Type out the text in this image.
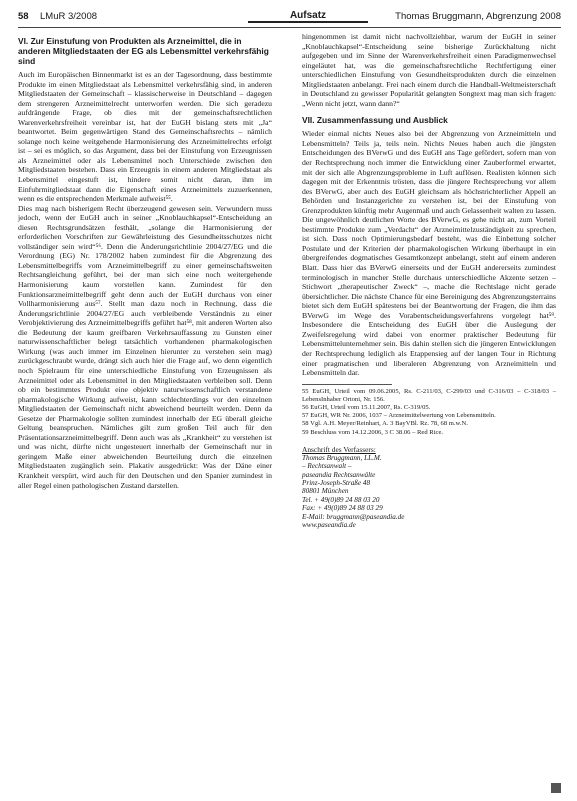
58 LMuR 3/2008	Aufsatz	Thomas Bruggmann, Abgrenzung 2008
VI. Zur Einstufung von Produkten als Arzneimittel, die in anderen Mitgliedstaaten der EG als Lebensmittel verkehrsfähig sind

Auch im Europäischen Binnenmarkt ist es an der Tagesordnung, dass bestimmte Produkte im einen Mitgliedstaat als Lebensmittel verkehrsfähig sind, in anderen Mitgliedstaaten der Gemeinschaft – klassischerweise in Deutschland – dagegen dem strengeren Arzneimittelrecht unterworfen werden. Die sich geradezu aufdrängende Frage, ob dies mit der gemeinschaftsrechtlichen Warenverkehrsfreiheit vereinbar ist, hat der EuGH bislang stets mit „Ja“ beantwortet. Beim gegenwärtigen Stand des Gemeinschaftsrechts – nämlich solange noch keine weitgehende Harmonisierung des Arzneimittelrechts erfolgt ist – sei es möglich, so das Argument, dass bei der Einstufung von Erzeugnissen als Arzneimittel oder als Lebensmittel noch Unterschiede zwischen den Mitgliedstaaten bestehen. Dass ein Erzeugnis in einem anderen Mitgliedstaat als Lebensmittel eingestuft ist, hindere somit nicht daran, ihm im Einfuhrmitgliedstaat dann die Eigenschaft eines Arzneimittels zuzuerkennen, wenn es die entsprechenden Merkmale aufweist⁵⁵.

Dies mag nach bisherigem Recht überzeugend gewesen sein. Verwundern muss jedoch, wenn der EuGH auch in seiner „Knoblauchkapsel“-Entscheidung an diesen Rechtsgrundsätzen festhält, „solange die Harmonisierung der erforderlichen Vorschriften zur Gewährleistung des Gesundheitsschutzes nicht vollständiger sein wird“⁵⁶. Denn die Änderungsrichtlinie 2004/27/EG und die Verordnung (EG) Nr. 178/2002 haben zumindest für die Abgrenzung des Lebensmittelbegriffs vom Arzneimittelbegriff zu einer gemeinschaftsweiten Rechtsangleichung geführt, bei der man sich eine noch weitergehende Harmonisierung kaum vorstellen kann. Zumindest für den Funktionsarzneimittelbegriff geht denn auch der EuGH durchaus von einer Vollharmonisierung aus⁵⁷. Stellt man dazu noch in Rechnung, dass die Änderungsrichtlinie 2004/27/EG auch verbleibende Verständnis zu einer Verobjektivierung des Arzneimittelbegriffs geführt hat⁵⁸, mit anderen Worten also die Bedeutung der kaum greifbaren Verkehrsauffassung zu Gunsten einer naturwissenschaftlicher belegt tatsächlich vorhandenen pharmakologischen Wirkung (was auch immer im Einzelnen hierunter zu verstehen sein mag) zurückgeschraubt wurde, drängt sich auch hier die Frage auf, wo denn eigentlich noch Spielraum für eine unterschiedliche Einstufung von Erzeugnissen als Arzneimittel oder als Lebensmittel in den Mitgliedstaaten verbleiben soll. Denn ob ein bestimmtes Produkt eine objektiv naturwissenschaftlich verstandene pharmakologische Wirkung aufweist, kann schlechterdings vor den einzelnen Mitgliedstaaten der Gemeinschaft nicht abweichend beurteilt werden. Denn da Gesetze der Pharmakologie sollten zumindest innerhalb der EG überall gleiche Geltung beanspruchen. Nämliches gilt zum großen Teil auch für den Präsentationsarzneimittelbegriff. Denn auch was als „Krankheit“ zu verstehen ist und was nicht, dürfte nicht ungesteuert innerhalb der Gemeinschaft nur in geringem Maße einer abweichenden Beurteilung durch die einzelnen Mitgliedstaaten zugänglich sein. Plakativ ausgedrückt: Was der Däne einer Krankheit verspürt, wird auch für den Deutschen und den Spanier zumindest in aller Regel einen pathologischen Zustand darstellen.

hingenommen ist damit nicht nachvollziehbar, warum der EuGH in seiner „Knoblauchkapsel“-Entscheidung seine bisherige Zurückhaltung nicht aufgegeben und im Sinne der Warenverkehrsfreiheit einen Paradigmenwechsel eingeläutet hat, was die gemeinschaftsrechtliche Rechtfertigung einer unterschiedlichen Einstufung von Gesundheitsprodukten durch die einzelnen Mitgliedstaaten anbelangt. Frei nach einem durch die Handball-Weltmeisterschaft in Deutschland zu gewisser Popularität gelangten Songtext mag man sich fragen: „Wenn nicht jetzt, wann dann?“

VII. Zusammenfassung und Ausblick

Wieder einmal nichts Neues also bei der Abgrenzung von Arzneimitteln und Lebensmitteln? Teils ja, teils nein. Nichts Neues haben auch die jüngsten Entscheidungen des BVerwG und des EuGH ans Tage gefördert, sofern man von der Rechtsprechung noch immer die Entwicklung einer Zauberformel erwartet, mit der sich alle Abgrenzungsprobleme in Luft auflösen. Realisten können sich dagegen mit der Erkenntnis trösten, dass die jüngere Rechtsprechung vor allem des BVerwG, aber auch des EuGH gleichsam als höchstrichterlicher Appell an Behörden und Instanzgerichte zu verstehen ist, bei der Einstufung von Grenzprodukten künftig mehr Augenmaß und auch Gelassenheit walten zu lassen. Die ungewöhnlich deutlichen Worte des BVerwG, es gehe nicht an, zum Vorteil bestimmte Produkte zum „Verdacht“ der Arzneimittelzuständigkeit zu sprechen, ist sich. Dass noch Optimierungsbedarf besteht, was die Einbettung solcher Postulate und der Kriterien der pharmakologischen Wirkung überhaupt in ein übergreifendes dogmatisches Gesamtkonzept anbelangt, steht auf einem anderen Blatt. Dass hier das BVerwG einerseits und der EuGH andererseits zumindest terminologisch in mancher Stelle durchaus unterschiedliche Akzente setzen – Stichwort „therapeutischer Zweck“ –, mache die Rechtslage nicht gerade übersichtlicher. Die nächste Chance für eine Bereinigung des Abgrenzungsterrains bietet sich dem EuGH spätestens bei der Beantwortung der Fragen, die ihm das BVerwG im Wege des Vorabentscheidungsverfahrens vorgelegt hat⁵⁹. Insbesondere die Entscheidung des EuGH über die Auslegung der Zweifelsregelung wird dabei von enormer praktischer Bedeutung für Lebensmittelunternehmer sein. Bis dahin stellen sich die jüngeren Entwicklungen der Rechtsprechung lediglich als Etappensieg auf der langen Tour in Richtung einer pragmatischen und liberaleren Abgrenzung von Arzneimitteln und Lebensmitteln dar.

55 EuGH, Urteil vom 09.06.2005, Rs. C-211/03, C-299/03 und C-316/03 – C-318/03 – LebensInhaber Ortoni, Nr. 156.

56 EuGH, Urteil vom 15.11.2007, Rs. C-319/05.

57 EuGH, WR Nr. 2006, 1037 – Arzneimittelwertung von Lebensmitteln.

58 Vgl. A.H. Meyer/Reinhart, A. 3 BayVBl. Rz. 78, 68 m.w.N.

59 Beschluss vom 14.12.2006, 3 C 38.06 – Red Rice.

Anschrift des Verfassers:
Thomas Bruggmann, LL.M.
– Rechtsanwalt –
paseandia Rechtsanwälte
Prinz-Joseph-Straße 48
80801 München
Tel. + 49(0)89 24 88 03 20
Fax: + 49(0)89 24 88 03 29
E-Mail: bruggmann@paseandia.de
www.paseandia.de
